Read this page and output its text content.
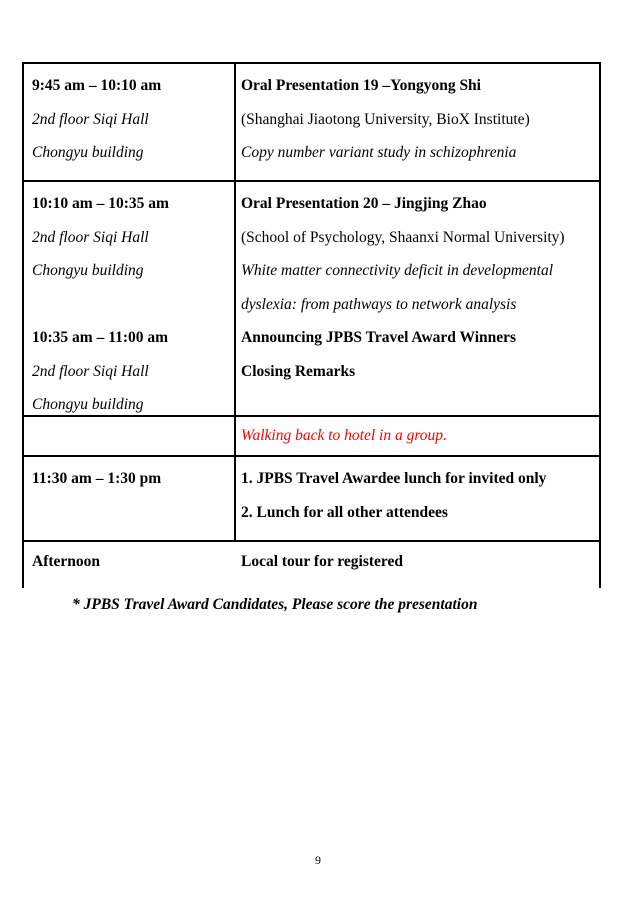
9:45 am – 10:10 am

2nd floor Siqi Hall

Chongyu building

Oral Presentation 19 –Yongyong Shi

(Shanghai Jiaotong University, BioX Institute)

Copy number variant study in schizophrenia

10:10 am – 10:35 am

2nd floor Siqi Hall

Chongyu building

10:35 am – 11:00 am

2nd floor Siqi Hall

Chongyu building

Oral Presentation 20 – Jingjing Zhao

(School of Psychology, Shaanxi Normal University)

White matter connectivity deficit in developmental

dyslexia: from pathways to network analysis

Announcing JPBS Travel Award Winners

Closing Remarks

Walking back to hotel in a group.

11:30 am – 1:30 pm	1. JPBS Travel Awardee lunch for invited only

2. Lunch for all other attendees

Afternoon	Local tour for registered

* JPBS Travel Award Candidates, Please score the presentation

9
